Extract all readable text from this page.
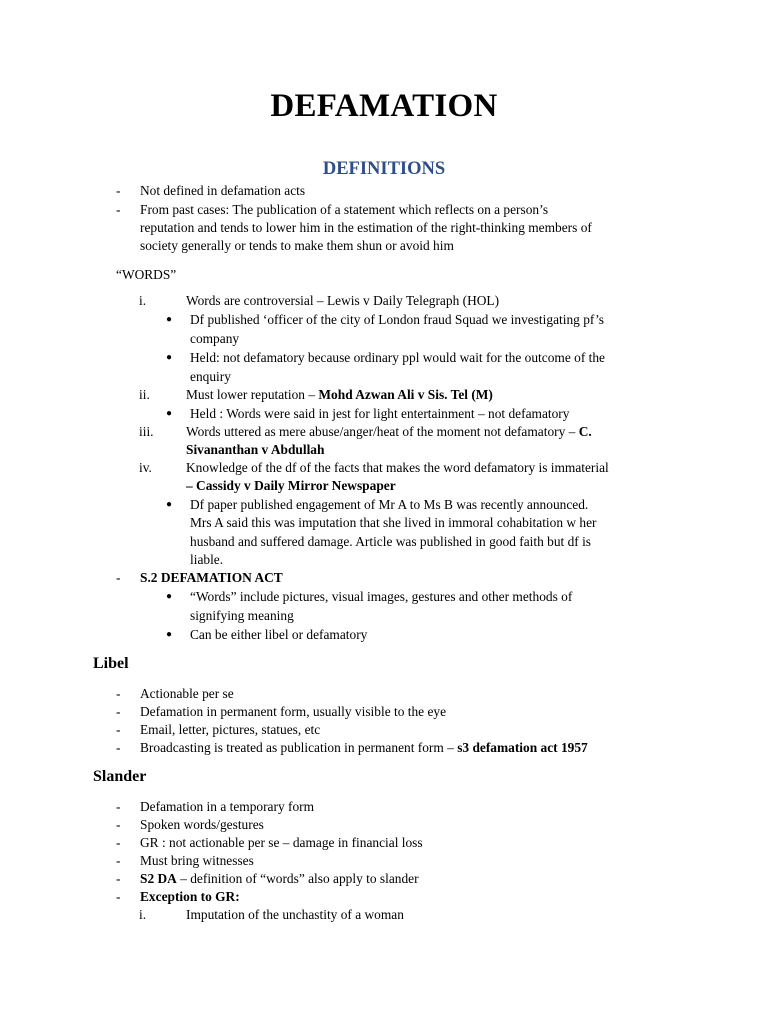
DEFAMATION
DEFINITIONS
- Not defined in defamation acts
- From past cases: The publication of a statement which reflects on a person’s
reputation and tends to lower him in the estimation of the right-thinking members of
society generally or tends to make them shun or avoid him
“WORDS”
i.	Words are controversial – Lewis v Daily Telegraph (HOL)
● Df published ‘officer of the city of London fraud Squad we investigating pf’s
company
● Held: not defamatory because ordinary ppl would wait for the outcome of the
enquiry
ii.	Must lower reputation – Mohd Azwan Ali v Sis. Tel (M)
● Held : Words were said in jest for light entertainment – not defamatory
iii. Words uttered as mere abuse/anger/heat of the moment not defamatory – C.
Sivananthan v Abdullah
iv.	Knowledge of the df of the facts that makes the word defamatory is immaterial
– Cassidy v Daily Mirror Newspaper
● Df paper published engagement of Mr A to Ms B was recently announced.
Mrs A said this was imputation that she lived in immoral cohabitation w her
husband and suffered damage. Article was published in good faith but df is
liable.
- S.2 DEFAMATION ACT
● “Words” include pictures, visual images, gestures and other methods of
signifying meaning
● Can be either libel or defamatory
Libel
- Actionable per se
- Defamation in permanent form, usually visible to the eye
- Email, letter, pictures, statues, etc
- Broadcasting is treated as publication in permanent form – s3 defamation act 1957
Slander
- Defamation in a temporary form
- Spoken words/gestures
- GR : not actionable per se – damage in financial loss
- Must bring witnesses
- S2 DA – definition of “words” also apply to slander
- Exception to GR:
i.	Imputation of the unchastity of a woman
